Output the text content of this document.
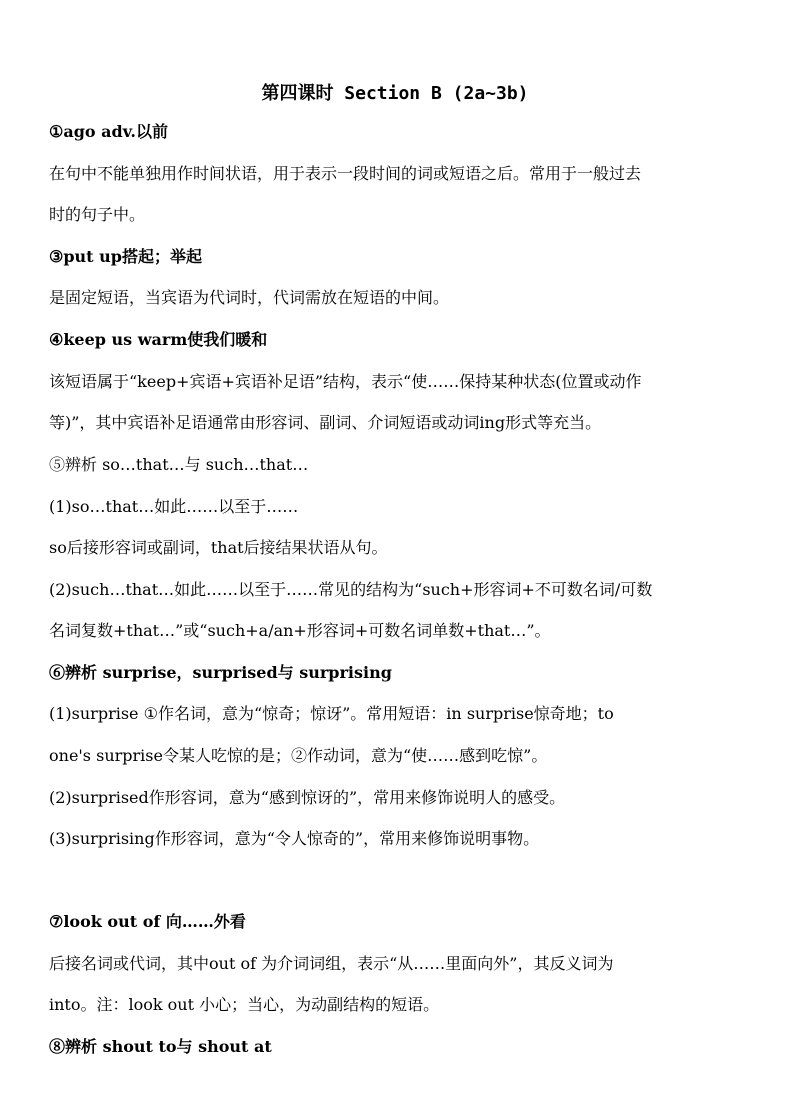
第四课时 Section B (2a~3b)
①ago adv.以前
在句中不能单独用作时间状语，用于表示一段时间的词或短语之后。常用于一般过去
时的句子中。
③put up搭起；举起
是固定短语，当宾语为代词时，代词需放在短语的中间。
④keep us warm使我们暖和
该短语属于“keep+宾语+宾语补足语”结构，表示“使……保持某种状态(位置或动作
等)”，其中宾语补足语通常由形容词、副词、介词短语或动词ing形式等充当。
⑤辨析 so…that…与 such…that…
(1)so…that…如此……以至于……
so后接形容词或副词，that后接结果状语从句。
(2)such…that…如此……以至于……常见的结构为“such+形容词+不可数名词/可数
名词复数+that…”或“such+a/an+形容词+可数名词单数+that…”。
⑥辨析 surprise，surprised与 surprising
(1)surprise ①作名词，意为“惊奇；惊讶”。常用短语：in surprise惊奇地；to
one's surprise令某人吃惊的是；②作动词，意为“使……感到吃惊”。
(2)surprised作形容词，意为“感到惊讶的”，常用来修饰说明人的感受。
(3)surprising作形容词，意为“令人惊奇的”，常用来修饰说明事物。
⑦look out of 向……外看
后接名词或代词，其中out of 为介词词组，表示“从……里面向外”，其反义词为
into。注：look out 小心；当心，为动副结构的短语。
⑧辨析 shout to与 shout at
